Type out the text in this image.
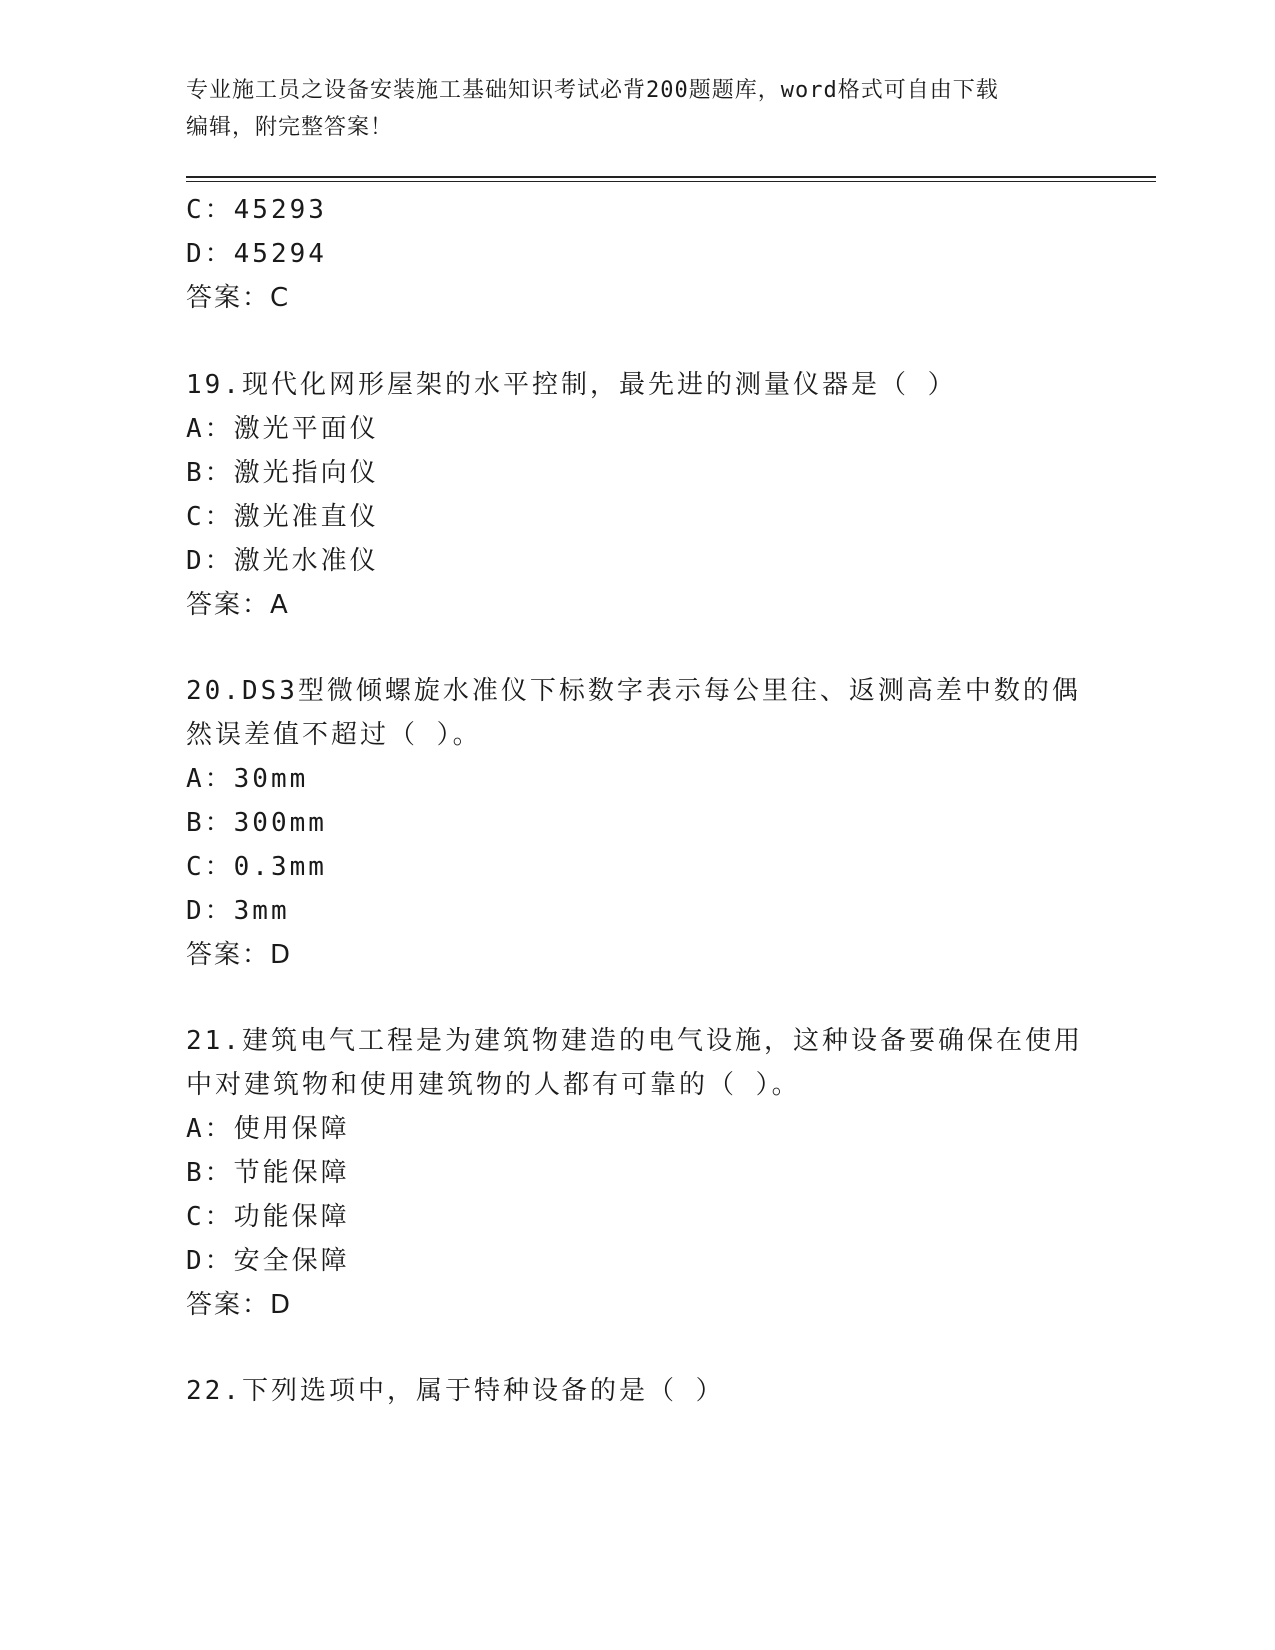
专业施工员之设备安装施工基础知识考试必背200题题库，word格式可自由下载
编辑，附完整答案！
C：45293
D：45294
答案：C
19.现代化网形屋架的水平控制，最先进的测量仪器是（ ）
A：激光平面仪
B：激光指向仪
C：激光准直仪
D：激光水准仪
答案：A
20.DS3型微倾螺旋水准仪下标数字表示每公里往、返测高差中数的偶
然误差值不超过（ ）。
A：30mm
B：300mm
C：0.3mm
D：3mm
答案：D
21.建筑电气工程是为建筑物建造的电气设施，这种设备要确保在使用
中对建筑物和使用建筑物的人都有可靠的（ ）。
A：使用保障
B：节能保障
C：功能保障
D：安全保障
答案：D
22.下列选项中，属于特种设备的是（ ）
